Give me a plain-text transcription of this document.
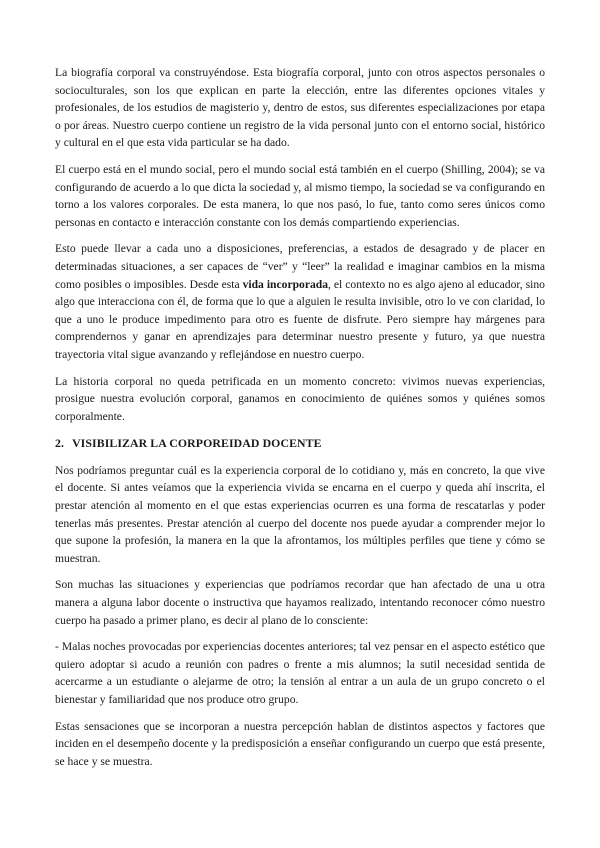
La biografía corporal va construyéndose. Esta biografía corporal, junto con otros aspectos personales o socioculturales, son los que explican en parte la elección, entre las diferentes opciones vitales y profesionales, de los estudios de magisterio y, dentro de estos, sus diferentes especializaciones por etapa o por áreas. Nuestro cuerpo contiene un registro de la vida personal junto con el entorno social, histórico y cultural en el que esta vida particular se ha dado.

El cuerpo está en el mundo social, pero el mundo social está también en el cuerpo (Shilling, 2004); se va configurando de acuerdo a lo que dicta la sociedad y, al mismo tiempo, la sociedad se va configurando en torno a los valores corporales. De esta manera, lo que nos pasó, lo fue, tanto como seres únicos como personas en contacto e interacción constante con los demás compartiendo experiencias.

Esto puede llevar a cada uno a disposiciones, preferencias, a estados de desagrado y de placer en determinadas situaciones, a ser capaces de “ver” y “leer” la realidad e imaginar cambios en la misma como posibles o imposibles. Desde esta vida incorporada, el contexto no es algo ajeno al educador, sino algo que interacciona con él, de forma que lo que a alguien le resulta invisible, otro lo ve con claridad, lo que a uno le produce impedimento para otro es fuente de disfrute. Pero siempre hay márgenes para comprendernos y ganar en aprendizajes para determinar nuestro presente y futuro, ya que nuestra trayectoria vital sigue avanzando y reflejándose en nuestro cuerpo.

La historia corporal no queda petrificada en un momento concreto: vivimos nuevas experiencias, prosigue nuestra evolución corporal, ganamos en conocimiento de quiénes somos y quiénes somos corporalmente.

2. VISIBILIZAR LA CORPOREIDAD DOCENTE

Nos podríamos preguntar cuál es la experiencia corporal de lo cotidiano y, más en concreto, la que vive el docente. Si antes veíamos que la experiencia vivida se encarna en el cuerpo y queda ahí inscrita, el prestar atención al momento en el que estas experiencias ocurren es una forma de rescatarlas y poder tenerlas más presentes. Prestar atención al cuerpo del docente nos puede ayudar a comprender mejor lo que supone la profesión, la manera en la que la afrontamos, los múltiples perfiles que tiene y cómo se muestran.

Son muchas las situaciones y experiencias que podríamos recordar que han afectado de una u otra manera a alguna labor docente o instructiva que hayamos realizado, intentando reconocer cómo nuestro cuerpo ha pasado a primer plano, es decir al plano de lo consciente:

- Malas noches provocadas por experiencias docentes anteriores; tal vez pensar en el aspecto estético que quiero adoptar si acudo a reunión con padres o frente a mis alumnos; la sutil necesidad sentida de acercarme a un estudiante o alejarme de otro; la tensión al entrar a un aula de un grupo concreto o el bienestar y familiaridad que nos produce otro grupo.

Estas sensaciones que se incorporan a nuestra percepción hablan de distintos aspectos y factores que inciden en el desempeño docente y la predisposición a enseñar configurando un cuerpo que está presente, se hace y se muestra.
